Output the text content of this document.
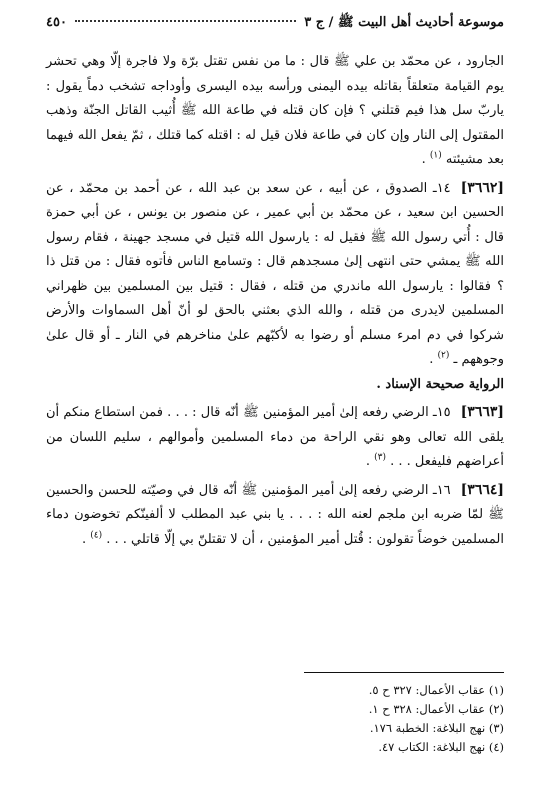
موسوعة أحاديث أهل البيت ﷺ / ج ٣
٤٥٠

الجارود ، عن محمّد بن علي ﷺ قال : ما من نفس تقتل برّة ولا فاجرة إلّا وهي تحشر يوم القيامة متعلقاً بقاتله بيده اليمنى ورأسه بيده اليسرى وأوداجه تشخب دماً يقول : ياربّ سل هذا فيم قتلني ؟ فإن كان قتله في طاعة الله ﷺ أُثيب القاتل الجنّة وذهب المقتول إلى النار وإن كان في طاعة فلان قيل له : اقتله كما قتلك ، ثمّ يفعل الله فيهما بعد مشيئته $^{(١)}$ .

[٣٦٦٢]١٤ـ الصدوق ، عن أبيه ، عن سعد بن عبد الله ، عن أحمد بن محمّد ، عن الحسين ابن سعيد ، عن محمّد بن أبي عمير ، عن منصور بن يونس ، عن أبي حمزة قال : أُتي رسول الله ﷺ فقيل له : يارسول الله قتيل في مسجد جهينة ، فقام رسول الله ﷺ يمشي حتى انتهى إلىٰ مسجدهم قال : وتسامع الناس فأتوه فقال : من قتل ذا ؟ فقالوا : يارسول الله ماندري من قتله ، فقال : قتيل بين المسلمين بين ظهراني المسلمين لايدرى من قتله ، والله الذي بعثني بالحق لو أنّ أهل السماوات والأرض شركوا في دم امرء مسلم أو رضوا به لأكبّهم علىٰ مناخرهم في النار ـ أو قال علىٰ وجوههم ـ $^{(٢)}$ .

الرواية صحيحة الإسناد .

[٣٦٦٣]١٥ـ الرضي رفعه إلىٰ أمير المؤمنين ﷺ أنّه قال : . . . فمن استطاع منكم أن يلقى الله تعالى وهو نقي الراحة من دماء المسلمين وأموالهم ، سليم اللسان من أعراضهم فليفعل . . . $^{(٣)}$ .

[٣٦٦٤]١٦ـ الرضي رفعه إلىٰ أمير المؤمنين ﷺ أنّه قال في وصيّته للحسن والحسين ﷺ لمّا ضربه ابن ملجم لعنه الله : . . . يا بني عبد المطلب لا ألفينّكم تخوضون دماء المسلمين خوضاً تقولون : قُتل أمير المؤمنين ، أن لا تقتلنّ بي إلّا قاتلي . . . $^{(٤)}$ .

(١) عقاب الأعمال: ٣٢٧ ح ٥.

(٢) عقاب الأعمال: ٣٢٨ ح ١.

(٣) نهج البلاغة: الخطبة ١٧٦.

(٤) نهج البلاغة: الكتاب ٤٧.
